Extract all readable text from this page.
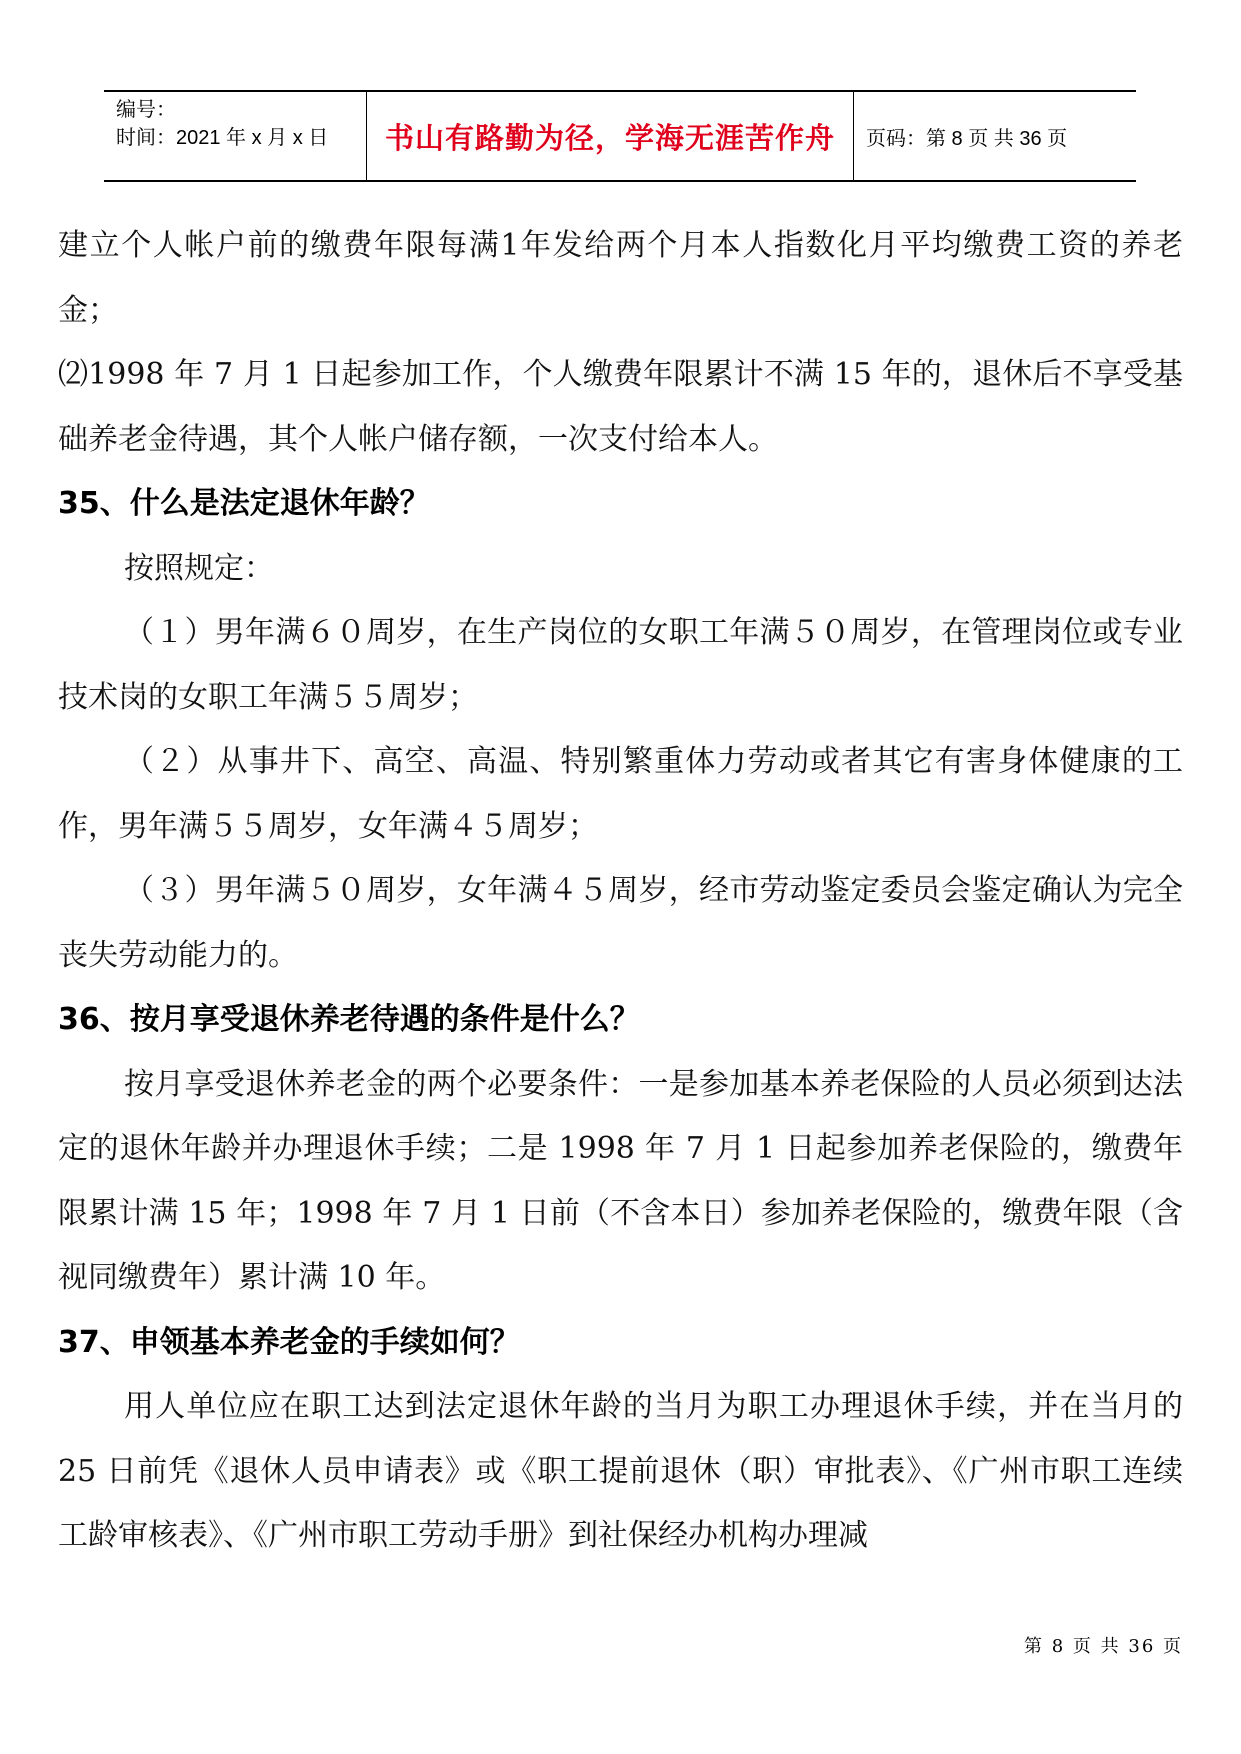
编号：
时间：2021 年 x 月 x 日	书山有路勤为径，学海无涯苦作舟	页码：第 8 页 共 36 页

建立个人帐户前的缴费年限每满1年发给两个月本人指数化月平均缴费工资的养老金；

⑵1998 年 7 月 1 日起参加工作，个人缴费年限累计不满 15 年的，退休后不享受基础养老金待遇，其个人帐户储存额，一次支付给本人。

35、什么是法定退休年龄？

按照规定：

（１）男年满６０周岁，在生产岗位的女职工年满５０周岁，在管理岗位或专业技术岗的女职工年满５５周岁；

（２）从事井下、高空、高温、特别繁重体力劳动或者其它有害身体健康的工作，男年满５５周岁，女年满４５周岁；

（３）男年满５０周岁，女年满４５周岁，经市劳动鉴定委员会鉴定确认为完全丧失劳动能力的。

36、按月享受退休养老待遇的条件是什么？

按月享受退休养老金的两个必要条件：一是参加基本养老保险的人员必须到达法定的退休年龄并办理退休手续；二是 1998 年 7 月 1 日起参加养老保险的，缴费年限累计满 15 年；1998 年 7 月 1 日前（不含本日）参加养老保险的，缴费年限（含视同缴费年）累计满 10 年。

37、申领基本养老金的手续如何？

用人单位应在职工达到法定退休年龄的当月为职工办理退休手续，并在当月的 25 日前凭《退休人员申请表》或《职工提前退休（职）审批表》、《广州市职工连续工龄审核表》、《广州市职工劳动手册》到社保经办机构办理减

第 8 页 共 36 页
